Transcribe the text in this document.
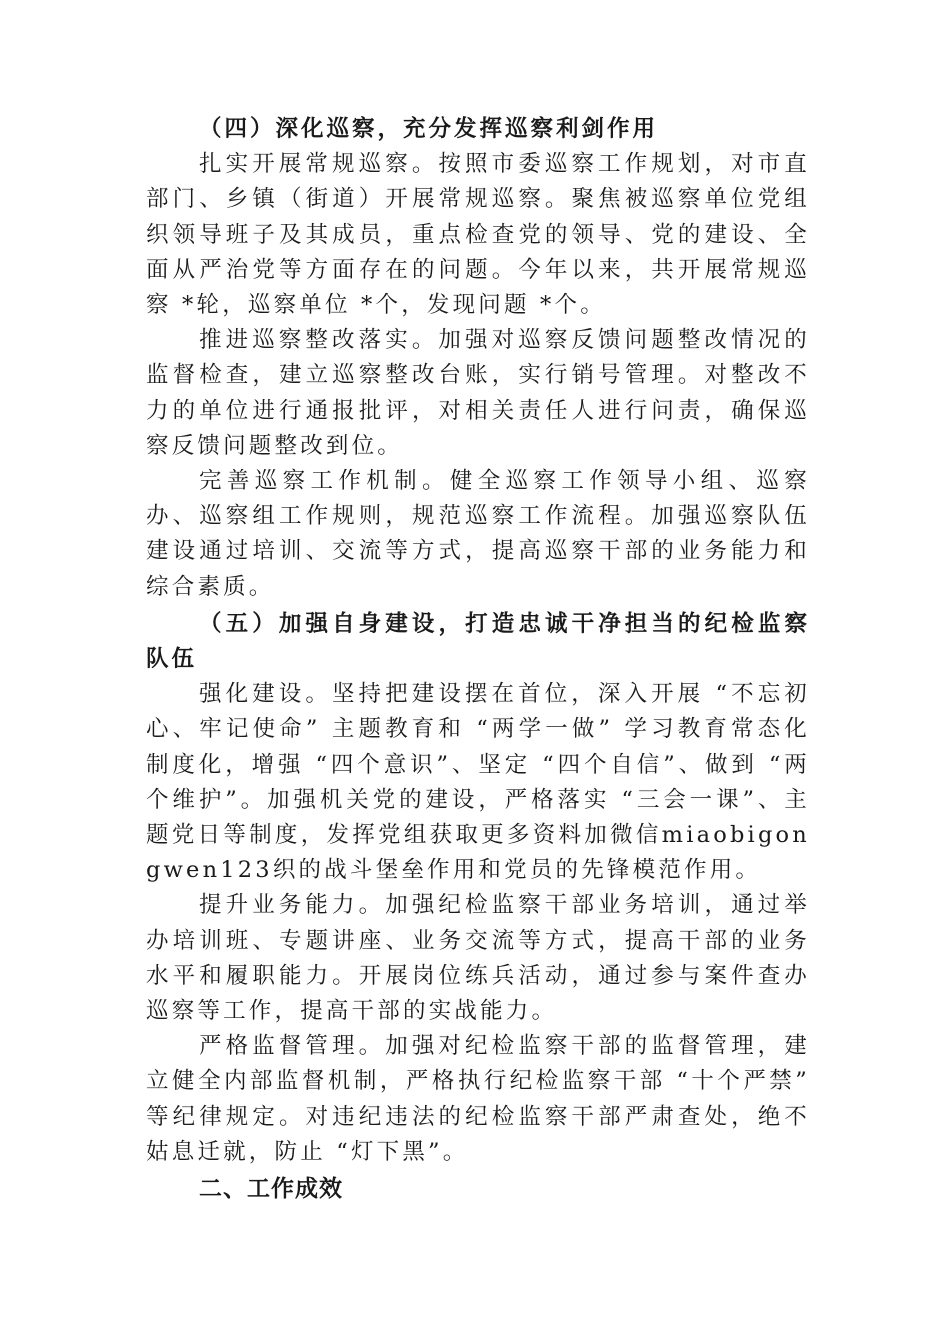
（四）深化巡察，充分发挥巡察利剑作用

扎实开展常规巡察。按照市委巡察工作规划，对市直部门、乡镇（街道）开展常规巡察。聚焦被巡察单位党组织领导班子及其成员，重点检查党的领导、党的建设、全面从严治党等方面存在的问题。今年以来，共开展常规巡察 *轮，巡察单位 *个，发现问题 *个。

推进巡察整改落实。加强对巡察反馈问题整改情况的监督检查，建立巡察整改台账，实行销号管理。对整改不力的单位进行通报批评，对相关责任人进行问责，确保巡察反馈问题整改到位。

完善巡察工作机制。健全巡察工作领导小组、巡察办、巡察组工作规则，规范巡察工作流程。加强巡察队伍建设通过培训、交流等方式，提高巡察干部的业务能力和综合素质。

（五）加强自身建设，打造忠诚干净担当的纪检监察队伍

强化建设。坚持把建设摆在首位，深入开展 “不忘初心、牢记使命” 主题教育和 “两学一做” 学习教育常态化制度化，增强 “四个意识”、坚定 “四个自信”、做到 “两个维护”。加强机关党的建设，严格落实 “三会一课”、主题党日等制度，发挥党组获取更多资料加微信miaobigongwen123织的战斗堡垒作用和党员的先锋模范作用。

提升业务能力。加强纪检监察干部业务培训，通过举办培训班、专题讲座、业务交流等方式，提高干部的业务水平和履职能力。开展岗位练兵活动，通过参与案件查办巡察等工作，提高干部的实战能力。

严格监督管理。加强对纪检监察干部的监督管理，建立健全内部监督机制，严格执行纪检监察干部 “十个严禁” 等纪律规定。对违纪违法的纪检监察干部严肃查处，绝不姑息迁就，防止 “灯下黑”。

二、工作成效
